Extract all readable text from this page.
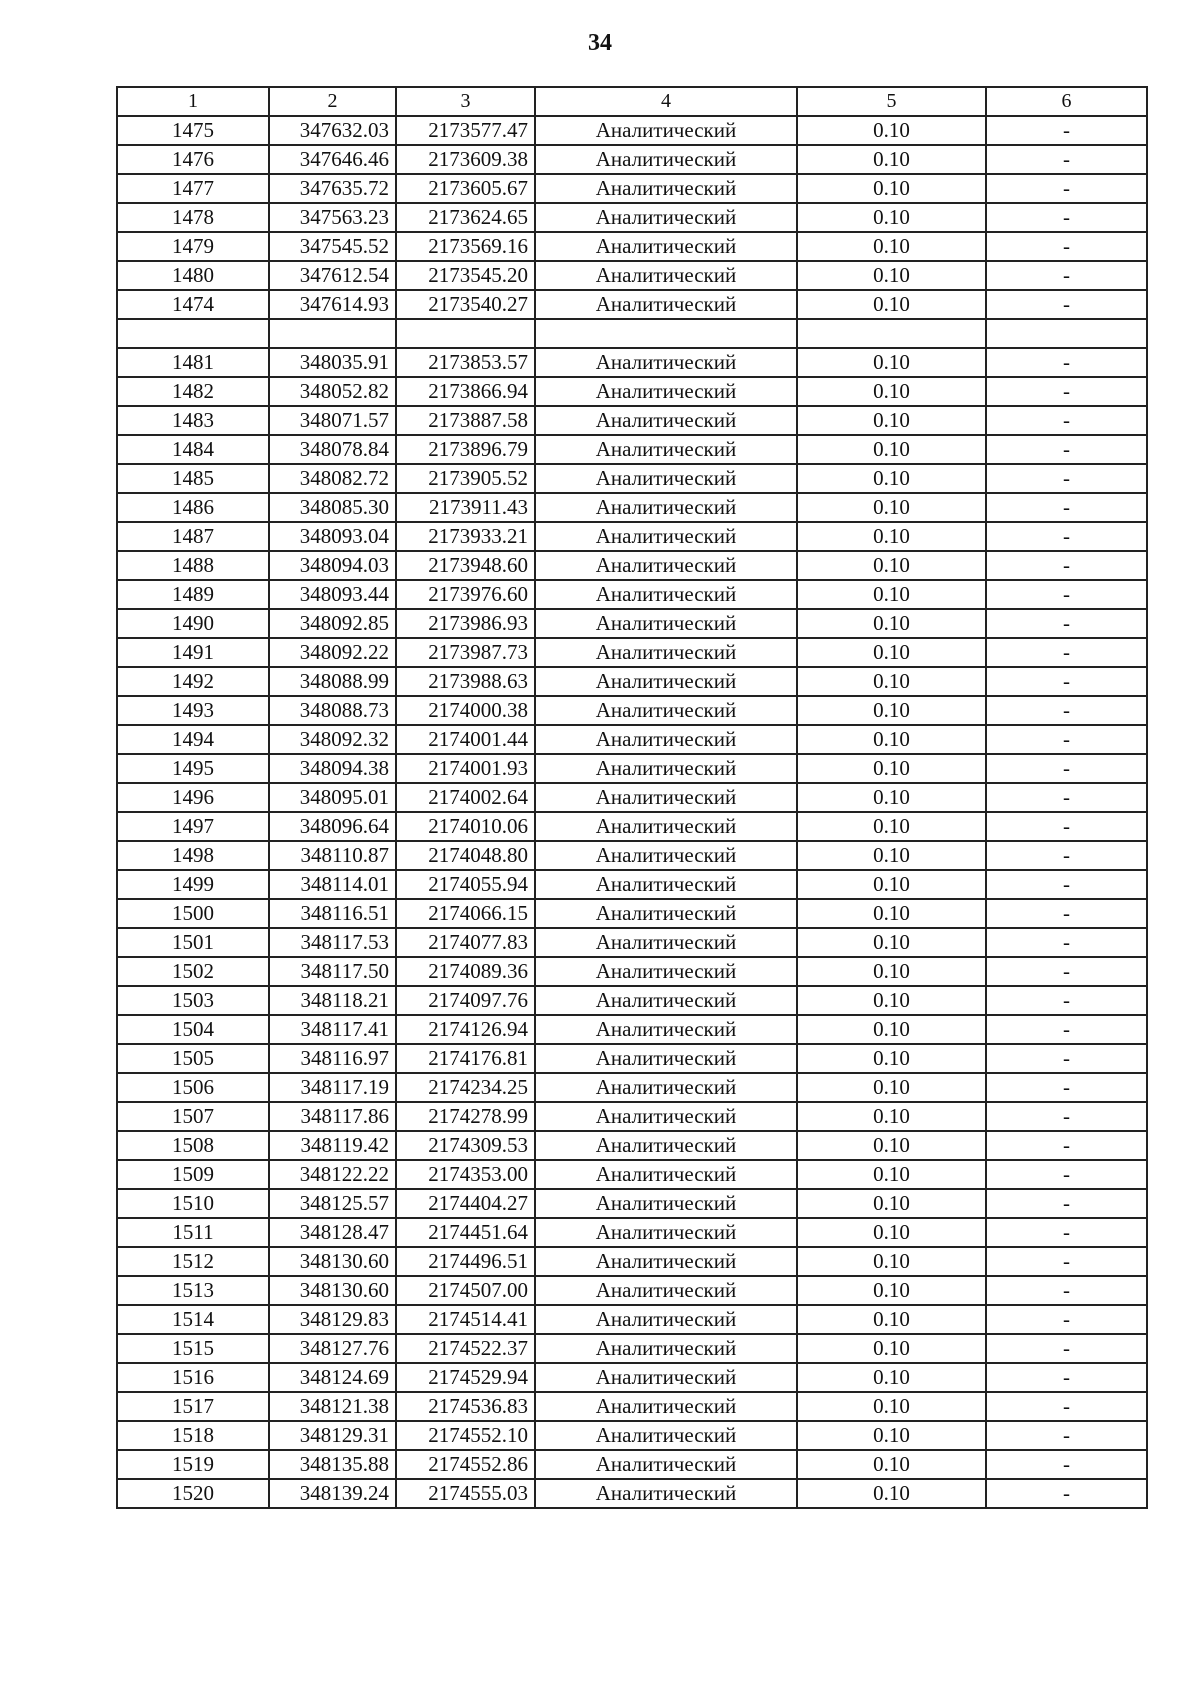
34
1	2	3	4	5	6
1475	347632.03	2173577.47	Аналитический	0.10	-
1476	347646.46	2173609.38	Аналитический	0.10	-
1477	347635.72	2173605.67	Аналитический	0.10	-
1478	347563.23	2173624.65	Аналитический	0.10	-
1479	347545.52	2173569.16	Аналитический	0.10	-
1480	347612.54	2173545.20	Аналитический	0.10	-
1474	347614.93	2173540.27	Аналитический	0.10	-

1481	348035.91	2173853.57	Аналитический	0.10	-
1482	348052.82	2173866.94	Аналитический	0.10	-
1483	348071.57	2173887.58	Аналитический	0.10	-
1484	348078.84	2173896.79	Аналитический	0.10	-
1485	348082.72	2173905.52	Аналитический	0.10	-
1486	348085.30	2173911.43	Аналитический	0.10	-
1487	348093.04	2173933.21	Аналитический	0.10	-
1488	348094.03	2173948.60	Аналитический	0.10	-
1489	348093.44	2173976.60	Аналитический	0.10	-
1490	348092.85	2173986.93	Аналитический	0.10	-
1491	348092.22	2173987.73	Аналитический	0.10	-
1492	348088.99	2173988.63	Аналитический	0.10	-
1493	348088.73	2174000.38	Аналитический	0.10	-
1494	348092.32	2174001.44	Аналитический	0.10	-
1495	348094.38	2174001.93	Аналитический	0.10	-
1496	348095.01	2174002.64	Аналитический	0.10	-
1497	348096.64	2174010.06	Аналитический	0.10	-
1498	348110.87	2174048.80	Аналитический	0.10	-
1499	348114.01	2174055.94	Аналитический	0.10	-
1500	348116.51	2174066.15	Аналитический	0.10	-
1501	348117.53	2174077.83	Аналитический	0.10	-
1502	348117.50	2174089.36	Аналитический	0.10	-
1503	348118.21	2174097.76	Аналитический	0.10	-
1504	348117.41	2174126.94	Аналитический	0.10	-
1505	348116.97	2174176.81	Аналитический	0.10	-
1506	348117.19	2174234.25	Аналитический	0.10	-
1507	348117.86	2174278.99	Аналитический	0.10	-
1508	348119.42	2174309.53	Аналитический	0.10	-
1509	348122.22	2174353.00	Аналитический	0.10	-
1510	348125.57	2174404.27	Аналитический	0.10	-
1511	348128.47	2174451.64	Аналитический	0.10	-
1512	348130.60	2174496.51	Аналитический	0.10	-
1513	348130.60	2174507.00	Аналитический	0.10	-
1514	348129.83	2174514.41	Аналитический	0.10	-
1515	348127.76	2174522.37	Аналитический	0.10	-
1516	348124.69	2174529.94	Аналитический	0.10	-
1517	348121.38	2174536.83	Аналитический	0.10	-
1518	348129.31	2174552.10	Аналитический	0.10	-
1519	348135.88	2174552.86	Аналитический	0.10	-
1520	348139.24	2174555.03	Аналитический	0.10	-
